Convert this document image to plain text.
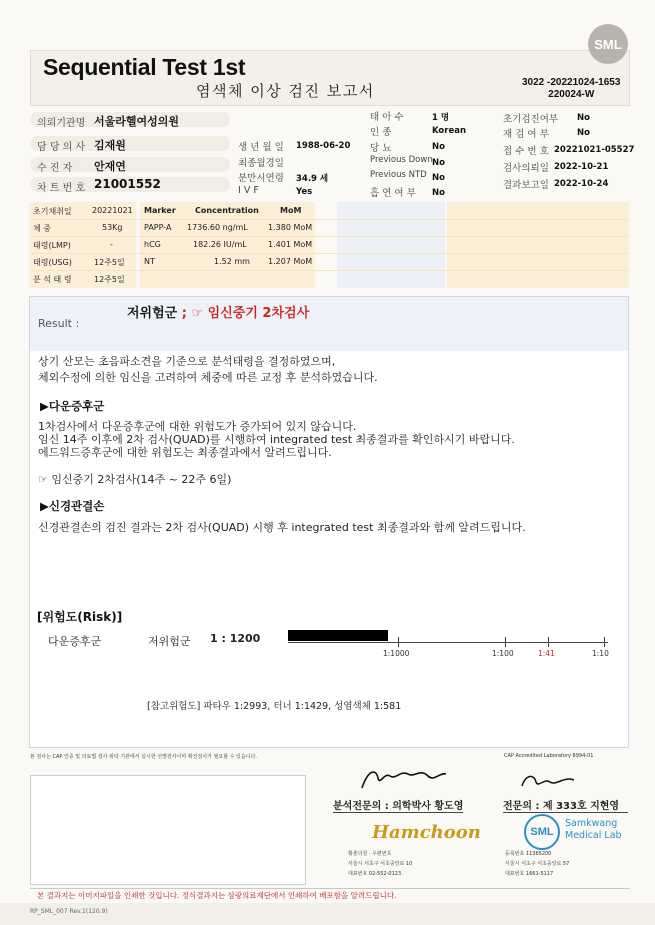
Sequential Test 1st
염색체 이상 검진 보고서	3022 -20221024-1653
220024-W
SML
의뢰기관명 서울라헬여성의원
담 당 의 사 김재원
수 진 자 안재연
차 트 번 호 21001552
생 년 월 일 1988-06-20
최종월경일
분만시연령 34.9 세
I V F	Yes
태 아 수	1 명
인 종	Korean
당 뇨	No
Previous Down No
Previous NTD No
흡 연 여 부 No
초기검진여부 No
재 검 여 부	No
접 수 번 호 20221021-05527
검사의뢰일 2022-10-21
결과보고일 2022-10-24
초기채취일	20221021
체 중	53Kg
태령(LMP)	-
태령(USG)	12주5일
분 석 태 령	12주5일
Marker Concentration	MoM
PAPP-A 1736.60 ng/mL	1.380 MoM
hCG	182.26 IU/mL	1.401 MoM
NT	1.52 mm 1.207 MoM
Result :
저위험군 ; ☞ 임신중기 2차검사
상기 산모는 초음파소견을 기준으로 분석태령을 결정하였으며,
체외수정에 의한 임신을 고려하여 체중에 따른 교정 후 분석하였습니다.
▶다운증후군
1차검사에서 다운증후군에 대한 위험도가 증가되어 있지 않습니다.
임신 14주 이후에 2차 검사(QUAD)를 시행하여 integrated test 최종결과를 확인하시기 바랍니다.
에드워드증후군에 대한 위험도는 최종결과에서 알려드립니다.
☞ 임신중기 2차검사(14주 ~ 22주 6일)
▶신경관결손
신경관결손의 검진 결과는 2차 검사(QUAD) 시행 후 integrated test 최종결과와 함께 알려드립니다.
[위험도(Risk)]
다운증후군	저위험군 1 : 1200
1:1000	1:100	1:41	1:10
[참고위험도] 파타우 1:2993, 터너 1:1429, 성염색체 1:581
본 검사는 CAP 인증 및 의료법 검사 위탁 기관에서 실시한 선별검사이며 확진검사가 필요할 수 있습니다.	CAP Accredited Laboratory 8994-01
분석전문의 : 의학박사 황도영	전문의 : 제 333호 지현영
Hamchoon	SML
Samkwang
Medical Lab
황춘의원 · 우편번호
서울시 서초구 서초중앙로 10
대표번호 02-552-0123
등록번호 11365200
서울시 서초구 서초중앙로 57
대표번호 1661-5117
본 결과지는 이미지파일을 인쇄한 것입니다. 정식결과지는 삼광의료재단에서 인쇄하여 배포함을 알려드립니다.
RP_SML_007 Rev.1(120.9)
